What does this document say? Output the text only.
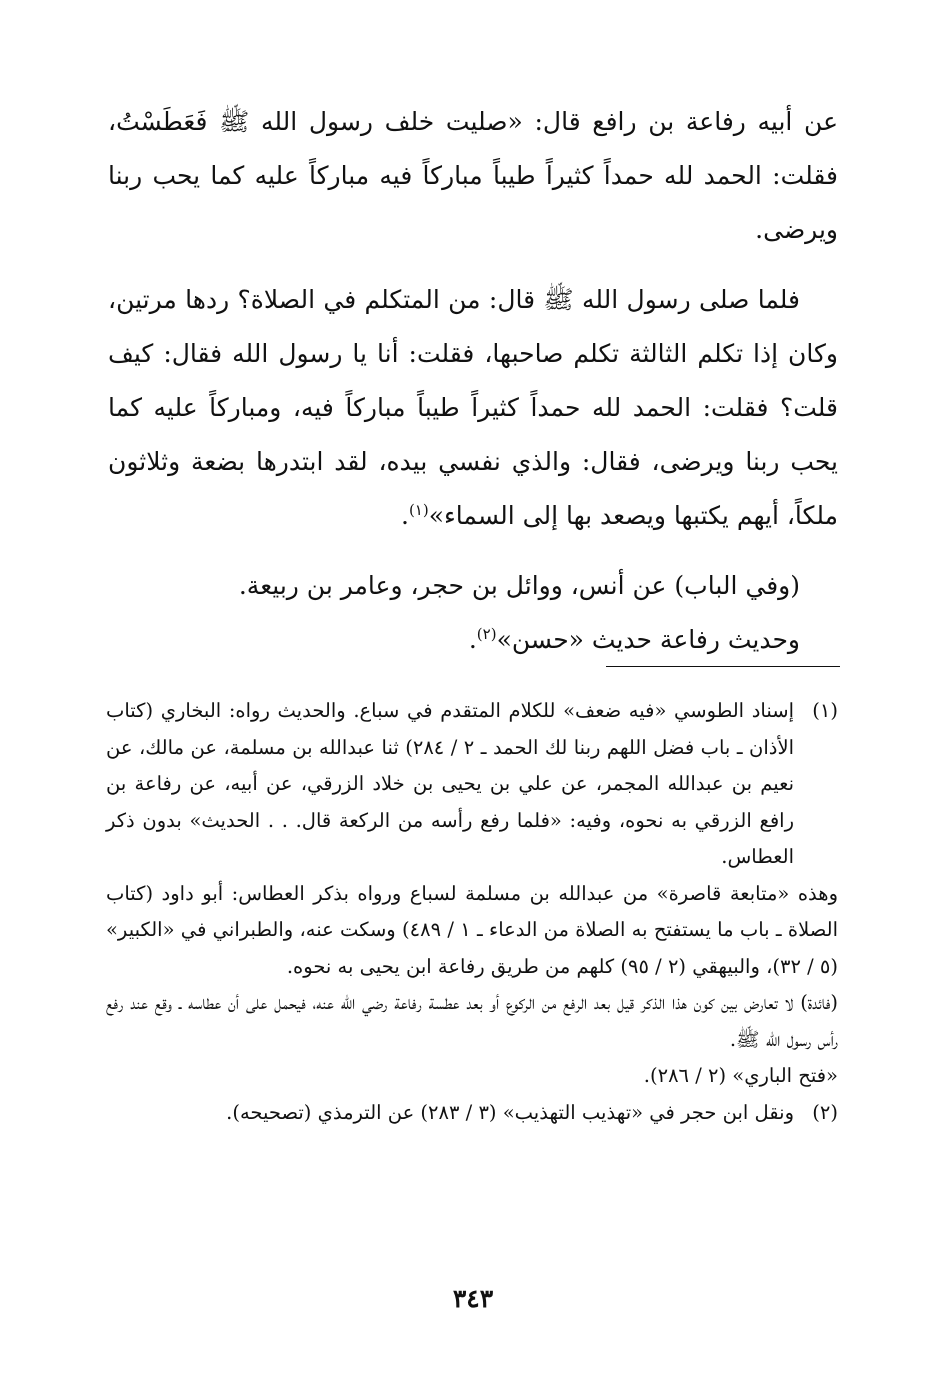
عن أبيه رفاعة بن رافع قال: «صليت خلف رسول الله ﷺ فَعَطَسْتُ، فقلت: الحمد لله حمداً كثيراً طيباً مباركاً فيه مباركاً عليه كما يحب ربنا ويرضى.

فلما صلى رسول الله ﷺ قال: من المتكلم في الصلاة؟ ردها مرتين، وكان إذا تكلم الثالثة تكلم صاحبها، فقلت: أنا يا رسول الله فقال: كيف قلت؟ فقلت: الحمد لله حمداً كثيراً طيباً مباركاً فيه، ومباركاً عليه كما يحب ربنا ويرضى، فقال: والذي نفسي بيده، لقد ابتدرها بضعة وثلاثون ملكاً، أيهم يكتبها ويصعد بها إلى السماء»$^{(١)}$.

(وفي الباب) عن أنس، ووائل بن حجر، وعامر بن ربيعة.

وحديث رفاعة حديث «حسن»$^{(٢)}$.

(١)

إسناد الطوسي «فيه ضعف» للكلام المتقدم في سباع. والحديث رواه: البخاري (كتاب الأذان ـ باب فضل اللهم ربنا لك الحمد ـ ٢ / ٢٨٤) ثنا عبدالله بن مسلمة، عن مالك، عن نعيم بن عبدالله المجمر، عن علي بن يحيى بن خلاد الزرقي، عن أبيه، عن رفاعة بن رافع الزرقي به نحوه، وفيه: «فلما رفع رأسه من الركعة قال. . . الحديث» بدون ذكر العطاس.

وهذه «متابعة قاصرة» من عبدالله بن مسلمة لسباع ورواه بذكر العطاس: أبو داود (كتاب الصلاة ـ باب ما يستفتح به الصلاة من الدعاء ـ ١ / ٤٨٩) وسكت عنه، والطبراني في «الكبير» (٥ / ٣٢)، والبيهقي (٢ / ٩٥) كلهم من طريق رفاعة ابن يحيى به نحوه.

(فائدة) لا تعارض بين كون هذا الذكر قيل بعد الرفع من الركوع أو بعد عطسة رفاعة رضي الله عنه، فيحمل على أن عطاسه ـ وقع عند رفع رأس رسول الله ﷺ.

«فتح الباري» (٢ / ٢٨٦).

(٢)

ونقل ابن حجر في «تهذيب التهذيب» (٣ / ٢٨٣) عن الترمذي (تصحيحه).

٣٤٣
